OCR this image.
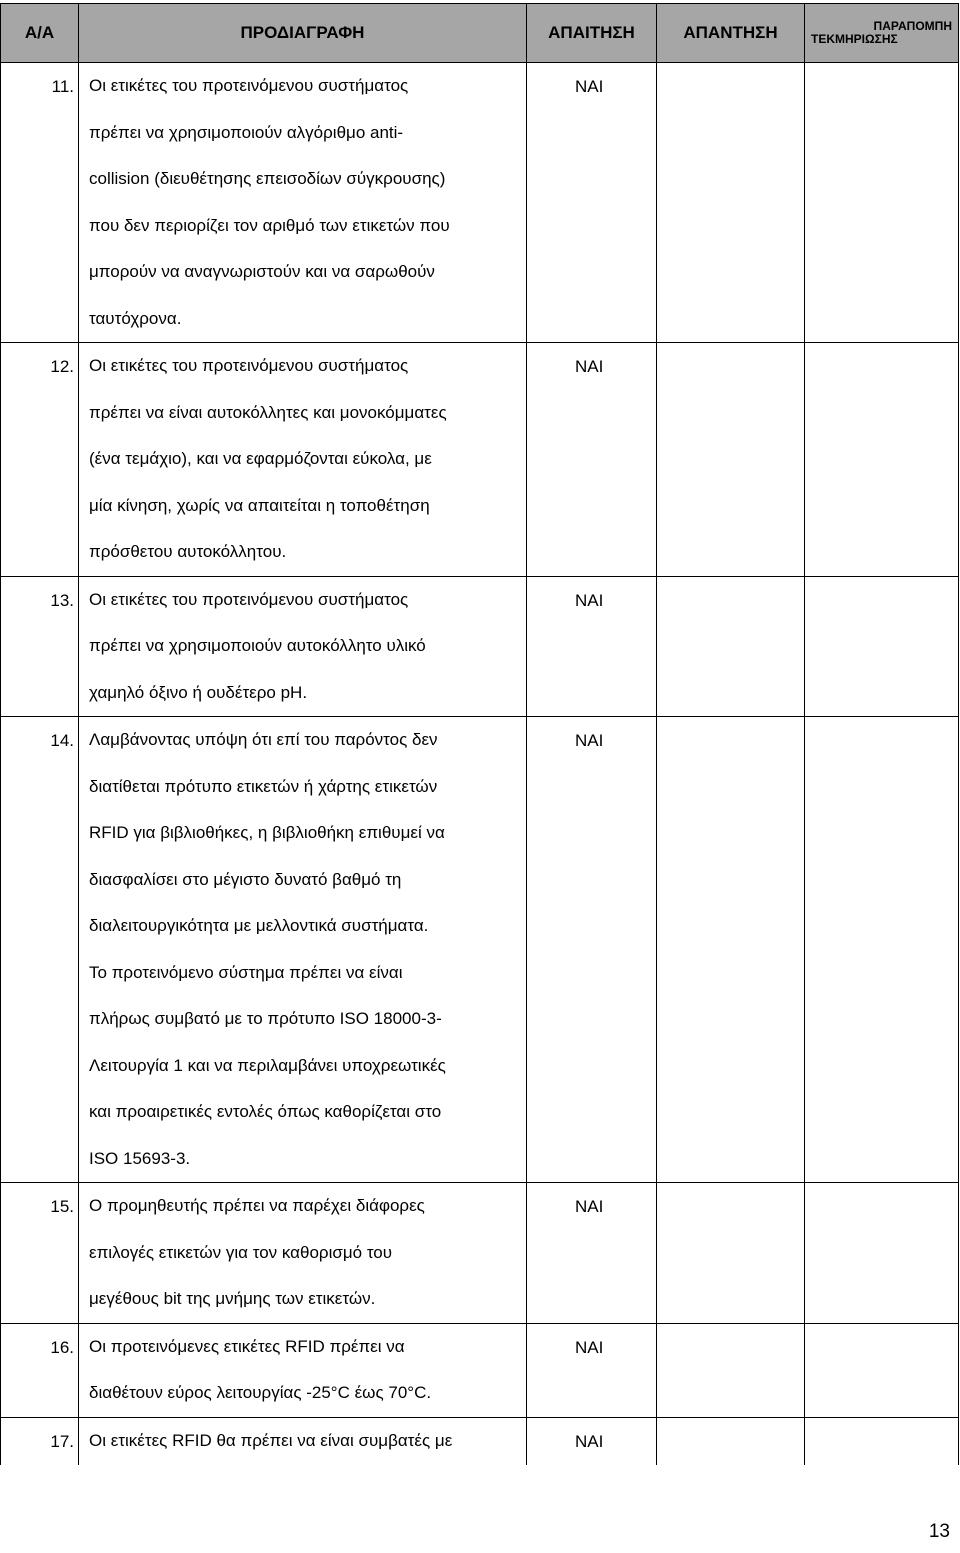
Α/Α	ΠΡΟΔΙΑΓΡΑΦΗ	ΑΠΑΙΤΗΣΗ	ΑΠΑΝΤΗΣΗ	ΠΑΡΑΠΟΜΠΗ
ΤΕΚΜΗΡΙΩΣΗΣ
11. Οι ετικέτες του προτεινόμενου συστήματος
πρέπει να χρησιμοποιούν αλγόριθμο anti-
collision (διευθέτησης επεισοδίων σύγκρουσης)
που δεν περιορίζει τον αριθμό των ετικετών που
μπορούν να αναγνωριστούν και να σαρωθούν
ταυτόχρονα.
ΝΑΙ
12. Οι ετικέτες του προτεινόμενου συστήματος
πρέπει να είναι αυτοκόλλητες και μονοκόμματες
(ένα τεμάχιο), και να εφαρμόζονται εύκολα, με
μία κίνηση, χωρίς να απαιτείται η τοποθέτηση
πρόσθετου αυτοκόλλητου.
ΝΑΙ
13. Οι ετικέτες του προτεινόμενου συστήματος
πρέπει να χρησιμοποιούν αυτοκόλλητο υλικό
χαμηλό όξινο ή ουδέτερο pH.
ΝΑΙ
14. Λαμβάνοντας υπόψη ότι επί του παρόντος δεν
διατίθεται πρότυπο ετικετών ή χάρτης ετικετών
RFID για βιβλιοθήκες, η βιβλιοθήκη επιθυμεί να
διασφαλίσει στο μέγιστο δυνατό βαθμό τη
διαλειτουργικότητα με μελλοντικά συστήματα.
Το προτεινόμενο σύστημα πρέπει να είναι
πλήρως συμβατό με το πρότυπο ISO 18000-3-
Λειτουργία 1 και να περιλαμβάνει υποχρεωτικές
και προαιρετικές εντολές όπως καθορίζεται στο
ISO 15693-3.
ΝΑΙ
15. Ο προμηθευτής πρέπει να παρέχει διάφορες
επιλογές ετικετών για τον καθορισμό του
μεγέθους bit της μνήμης των ετικετών.
ΝΑΙ
16. Οι προτεινόμενες ετικέτες RFID πρέπει να
διαθέτουν εύρος λειτουργίας -25°C έως 70°C.
ΝΑΙ
17. Οι ετικέτες RFID θα πρέπει να είναι συμβατές με	ΝΑΙ
13
